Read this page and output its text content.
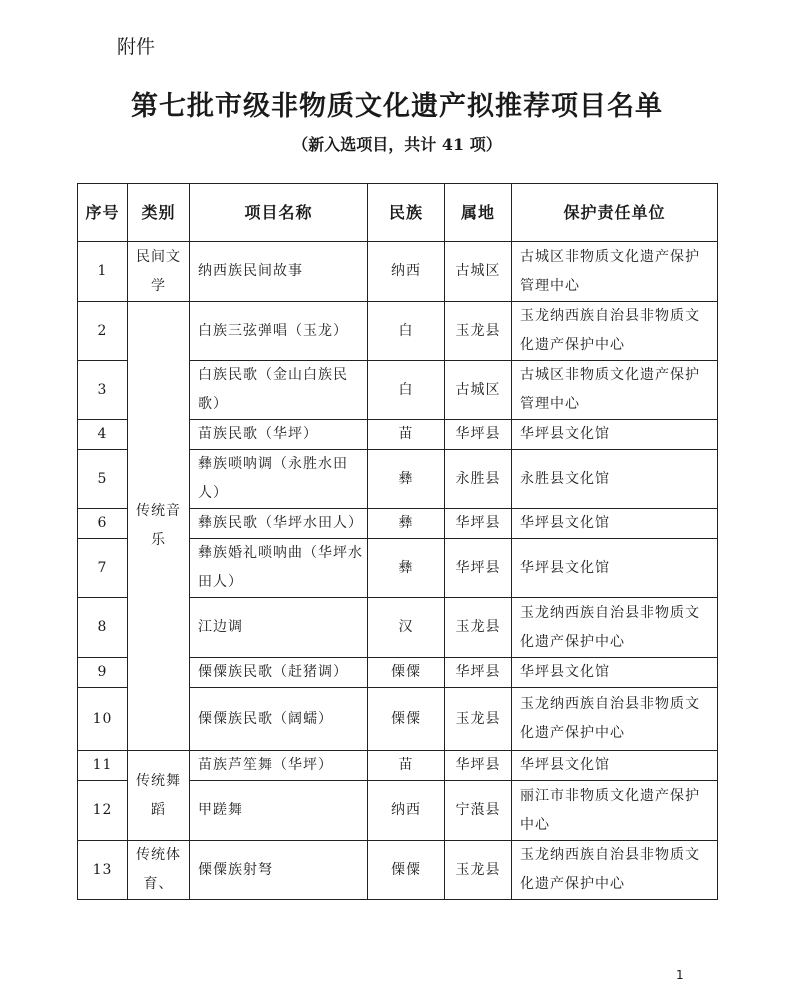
附件
第七批市级非物质文化遗产拟推荐项目名单
（新入选项目，共计 41 项）
序号	类别	项目名称	民族	属地	保护责任单位
1	民间文学	纳西族民间故事	纳西	古城区	古城区非物质文化遗产保护管理中心
2	传统音乐	白族三弦弹唱（玉龙）	白	玉龙县	玉龙纳西族自治县非物质文化遗产保护中心
3		白族民歌（金山白族民歌）	白	古城区	古城区非物质文化遗产保护管理中心
4		苗族民歌（华坪）	苗	华坪县	华坪县文化馆
5		彝族唢呐调（永胜水田人）	彝	永胜县	永胜县文化馆
6		彝族民歌（华坪水田人）	彝	华坪县	华坪县文化馆
7		彝族婚礼唢呐曲（华坪水田人）	彝	华坪县	华坪县文化馆
8		江边调	汉	玉龙县	玉龙纳西族自治县非物质文化遗产保护中心
9		傈僳族民歌（赶猪调）	傈僳	华坪县	华坪县文化馆
10		傈僳族民歌（阔蠕）	傈僳	玉龙县	玉龙纳西族自治县非物质文化遗产保护中心
11	传统舞蹈	苗族芦笙舞（华坪）	苗	华坪县	华坪县文化馆
12		甲蹉舞	纳西	宁蒗县	丽江市非物质文化遗产保护中心
13	传统体育、	傈僳族射弩	傈僳	玉龙县	玉龙纳西族自治县非物质文化遗产保护中心
1
